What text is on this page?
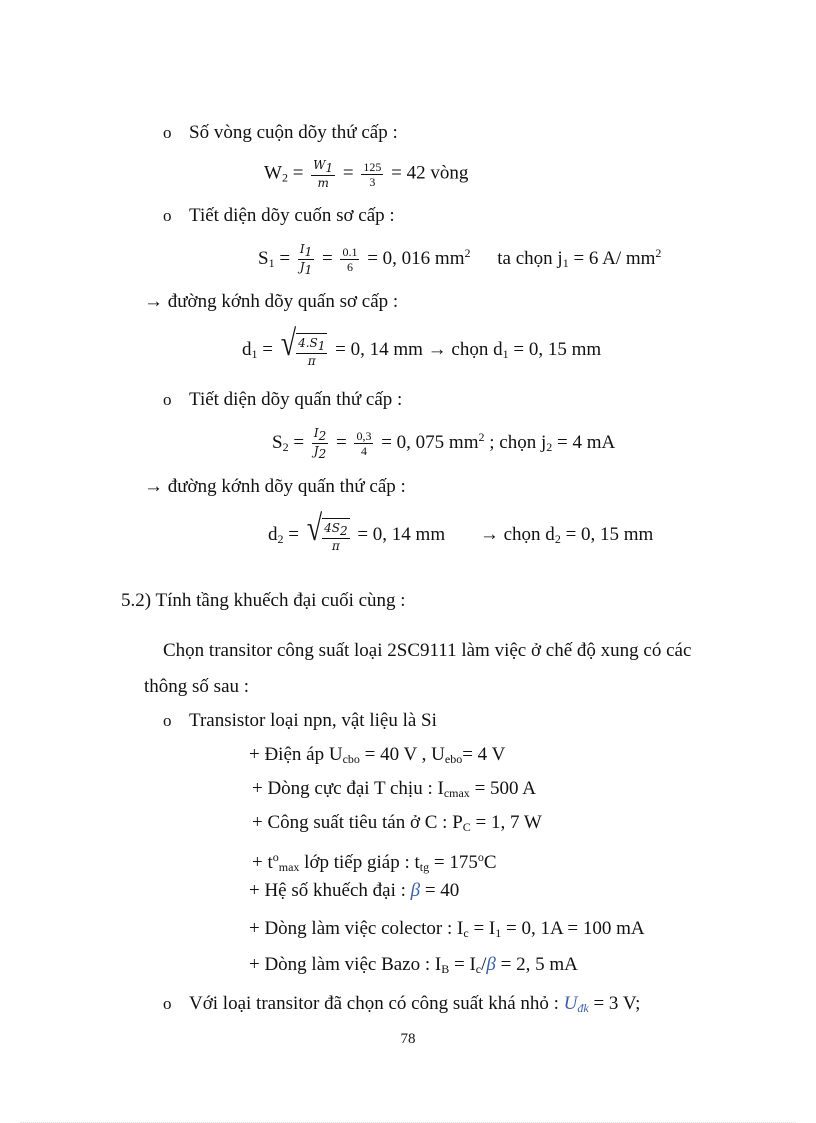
o Số vòng cuộn dõy thứ cấp :
$W_2 = \frac{W_1}{m} = \frac{125}{3} = 42$ vòng
o Tiết diện dõy cuốn sơ cấp :
$S_1 = \frac{I_1}{J_1} = \frac{0.1}{6} = 0$, 016 $mm^2$ ta chọn $j_1 = 6$ A/ $mm^2$
→ đường kớnh dõy quấn sơ cấp :
$d_1$ = √ $\frac{4.S_1}{\pi} = 0$, 14 mm → chọn $d_1 = 0$, 15 mm
o Tiết diện dõy quấn thứ cấp :
$S_2 = \frac{I_2}{J_2} = \frac{0,3}{4} = 0$, 075 $mm^2$ ; chọn $j_2 = 4$ mA
→ đường kớnh dõy quấn thứ cấp :
$d_2$ = √ $\frac{4S_2}{\pi} = 0$, 14 mm → chọn $d_2 = 0$, 15 mm
5.2) Tính tầng khuếch đại cuối cùng :
Chọn transitor công suất loại 2SC9111 làm việc ở chế độ xung có các
thông số sau :
o Transistor loại npn, vật liệu là Si
+ Điện áp $U_{cbo} = 40$ V , $U_{ebo}= 4$ V
+ Dòng cực đại T chịu : $I_{cmax} = 500$ A
+ Công suất tiêu tán ở C : $P_C = 1$, 7 W
+ $t^o_{max}$ lớp tiếp giáp : $t_{tg} = 175^oC$
+ Hệ số khuếch đại : β = 40
+ Dòng làm việc colector : $I_c = I_1 = 0$, 1A = 100 mA
+ Dòng làm việc Bazo : $I_B = I_c/\beta = 2$, 5 mA
o Với loại transitor đã chọn có công suất khá nhỏ : $U_{đk} = 3$ V;
78
